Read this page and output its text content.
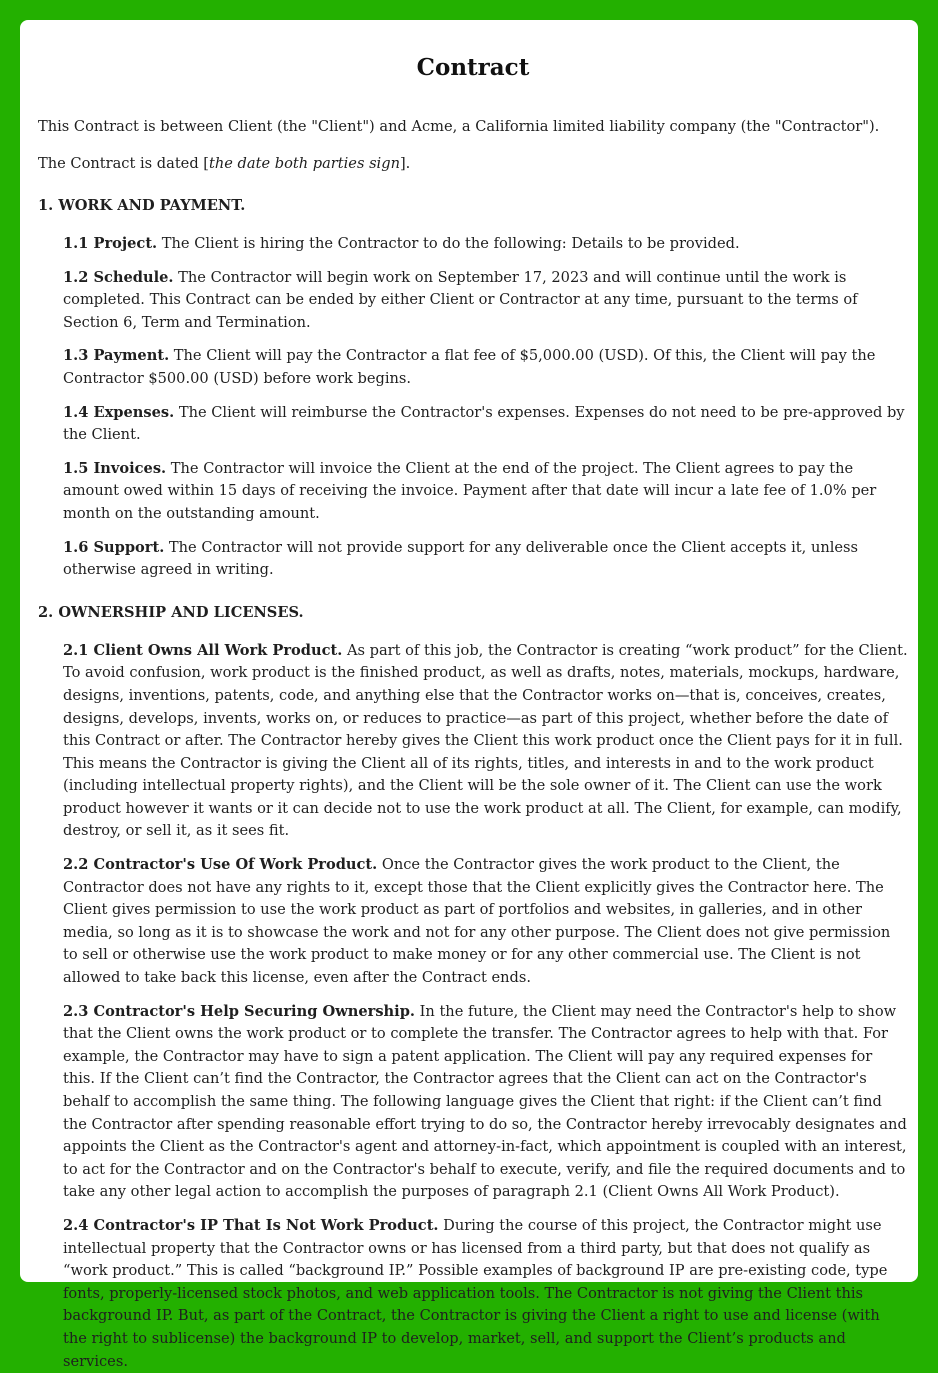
Contract

This Contract is between Client (the "Client") and Acme, a California limited liability company (the "Contractor").

The Contract is dated [the date both parties sign].

1. WORK AND PAYMENT.

1.1 Project. The Client is hiring the Contractor to do the following: Details to be provided.

1.2 Schedule. The Contractor will begin work on September 17, 2023 and will continue until the work is completed. This Contract can be ended by either Client or Contractor at any time, pursuant to the terms of Section 6, Term and Termination.

1.3 Payment. The Client will pay the Contractor a flat fee of $5,000.00 (USD). Of this, the Client will pay the Contractor $500.00 (USD) before work begins.

1.4 Expenses. The Client will reimburse the Contractor's expenses. Expenses do not need to be pre-approved by the Client.

1.5 Invoices. The Contractor will invoice the Client at the end of the project. The Client agrees to pay the amount owed within 15 days of receiving the invoice. Payment after that date will incur a late fee of 1.0% per month on the outstanding amount.

1.6 Support. The Contractor will not provide support for any deliverable once the Client accepts it, unless otherwise agreed in writing.

2. OWNERSHIP AND LICENSES.

2.1 Client Owns All Work Product. As part of this job, the Contractor is creating “work product” for the Client. To avoid confusion, work product is the finished product, as well as drafts, notes, materials, mockups, hardware, designs, inventions, patents, code, and anything else that the Contractor works on—that is, conceives, creates, designs, develops, invents, works on, or reduces to practice—as part of this project, whether before the date of this Contract or after. The Contractor hereby gives the Client this work product once the Client pays for it in full. This means the Contractor is giving the Client all of its rights, titles, and interests in and to the work product (including intellectual property rights), and the Client will be the sole owner of it. The Client can use the work product however it wants or it can decide not to use the work product at all. The Client, for example, can modify, destroy, or sell it, as it sees fit.

2.2 Contractor's Use Of Work Product. Once the Contractor gives the work product to the Client, the Contractor does not have any rights to it, except those that the Client explicitly gives the Contractor here. The Client gives permission to use the work product as part of portfolios and websites, in galleries, and in other media, so long as it is to showcase the work and not for any other purpose. The Client does not give permission to sell or otherwise use the work product to make money or for any other commercial use. The Client is not allowed to take back this license, even after the Contract ends.

2.3 Contractor's Help Securing Ownership. In the future, the Client may need the Contractor's help to show that the Client owns the work product or to complete the transfer. The Contractor agrees to help with that. For example, the Contractor may have to sign a patent application. The Client will pay any required expenses for this. If the Client can’t find the Contractor, the Contractor agrees that the Client can act on the Contractor's behalf to accomplish the same thing. The following language gives the Client that right: if the Client can’t find the Contractor after spending reasonable effort trying to do so, the Contractor hereby irrevocably designates and appoints the Client as the Contractor's agent and attorney-in-fact, which appointment is coupled with an interest, to act for the Contractor and on the Contractor's behalf to execute, verify, and file the required documents and to take any other legal action to accomplish the purposes of paragraph 2.1 (Client Owns All Work Product).

2.4 Contractor's IP That Is Not Work Product. During the course of this project, the Contractor might use intellectual property that the Contractor owns or has licensed from a third party, but that does not qualify as “work product.” This is called “background IP.” Possible examples of background IP are pre-existing code, type fonts, properly-licensed stock photos, and web application tools. The Contractor is not giving the Client this background IP. But, as part of the Contract, the Contractor is giving the Client a right to use and license (with the right to sublicense) the background IP to develop, market, sell, and support the Client’s products and services.
